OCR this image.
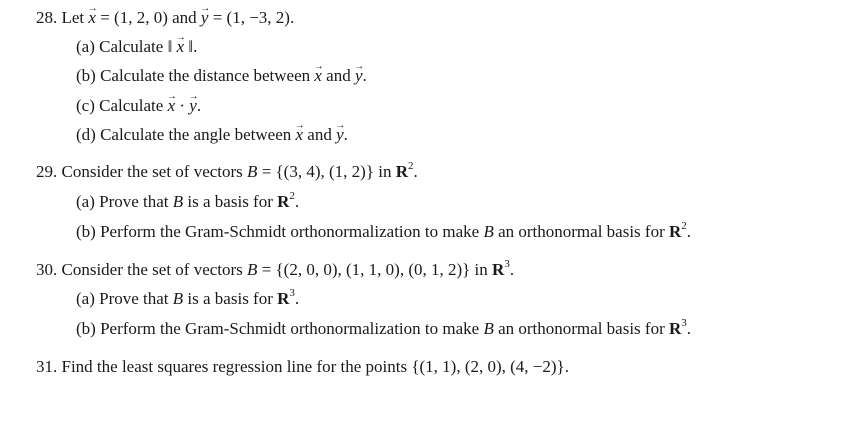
28. Let x → = (1, 2, 0) and y → = (1, −3, 2).
(a) Calculate ‖ x → ‖.
(b) Calculate the distance between x → and y →.
(c) Calculate x → · y →.
(d) Calculate the angle between x → and y →.
29. Consider the set of vectors B = {(3, 4), (1, 2)} in $R^2$.
(a) Prove that B is a basis for $R^2$.
(b) Perform the Gram-Schmidt orthonormalization to make B an orthonormal basis for $R^2$.
30. Consider the set of vectors B = {(2, 0, 0), (1, 1, 0), (0, 1, 2)} in $R^3$.
(a) Prove that B is a basis for $R^3$.
(b) Perform the Gram-Schmidt orthonormalization to make B an orthonormal basis for $R^3$.
31. Find the least squares regression line for the points {(1, 1), (2, 0), (4, −2)}.
